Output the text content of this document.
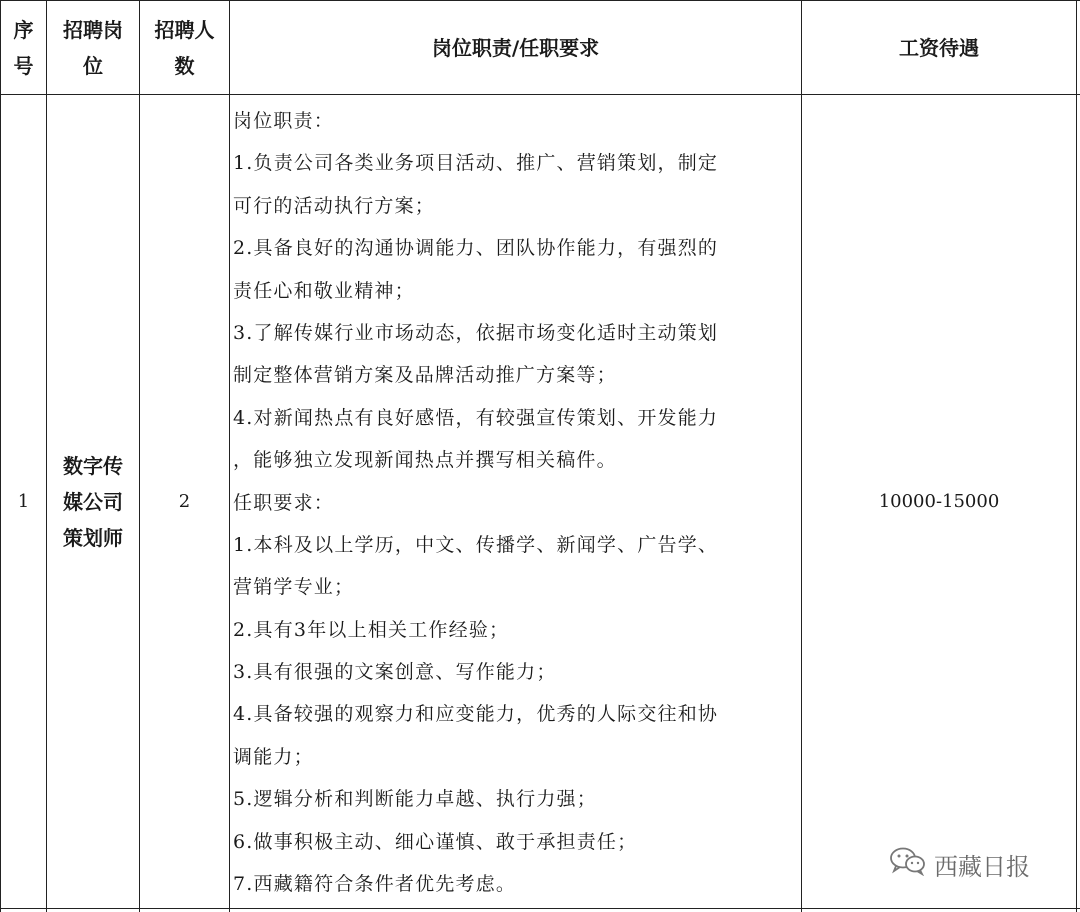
序
号
招聘岗
位
招聘人
数
岗位职责/任职要求	工资待遇
1
数字传
媒公司
策划师
2
岗位职责：
1.负责公司各类业务项目活动、推广、营销策划，制定
可行的活动执行方案；
2.具备良好的沟通协调能力、团队协作能力，有强烈的
责任心和敬业精神；
3.了解传媒行业市场动态，依据市场变化适时主动策划
制定整体营销方案及品牌活动推广方案等；
4.对新闻热点有良好感悟，有较强宣传策划、开发能力
，能够独立发现新闻热点并撰写相关稿件。
任职要求：
1.本科及以上学历，中文、传播学、新闻学、广告学、
营销学专业；
2.具有3年以上相关工作经验；
3.具有很强的文案创意、写作能力；
4.具备较强的观察力和应变能力，优秀的人际交往和协
调能力；
5.逻辑分析和判断能力卓越、执行力强；
6.做事积极主动、细心谨慎、敢于承担责任；
7.西藏籍符合条件者优先考虑。
10000-15000
西藏日报
